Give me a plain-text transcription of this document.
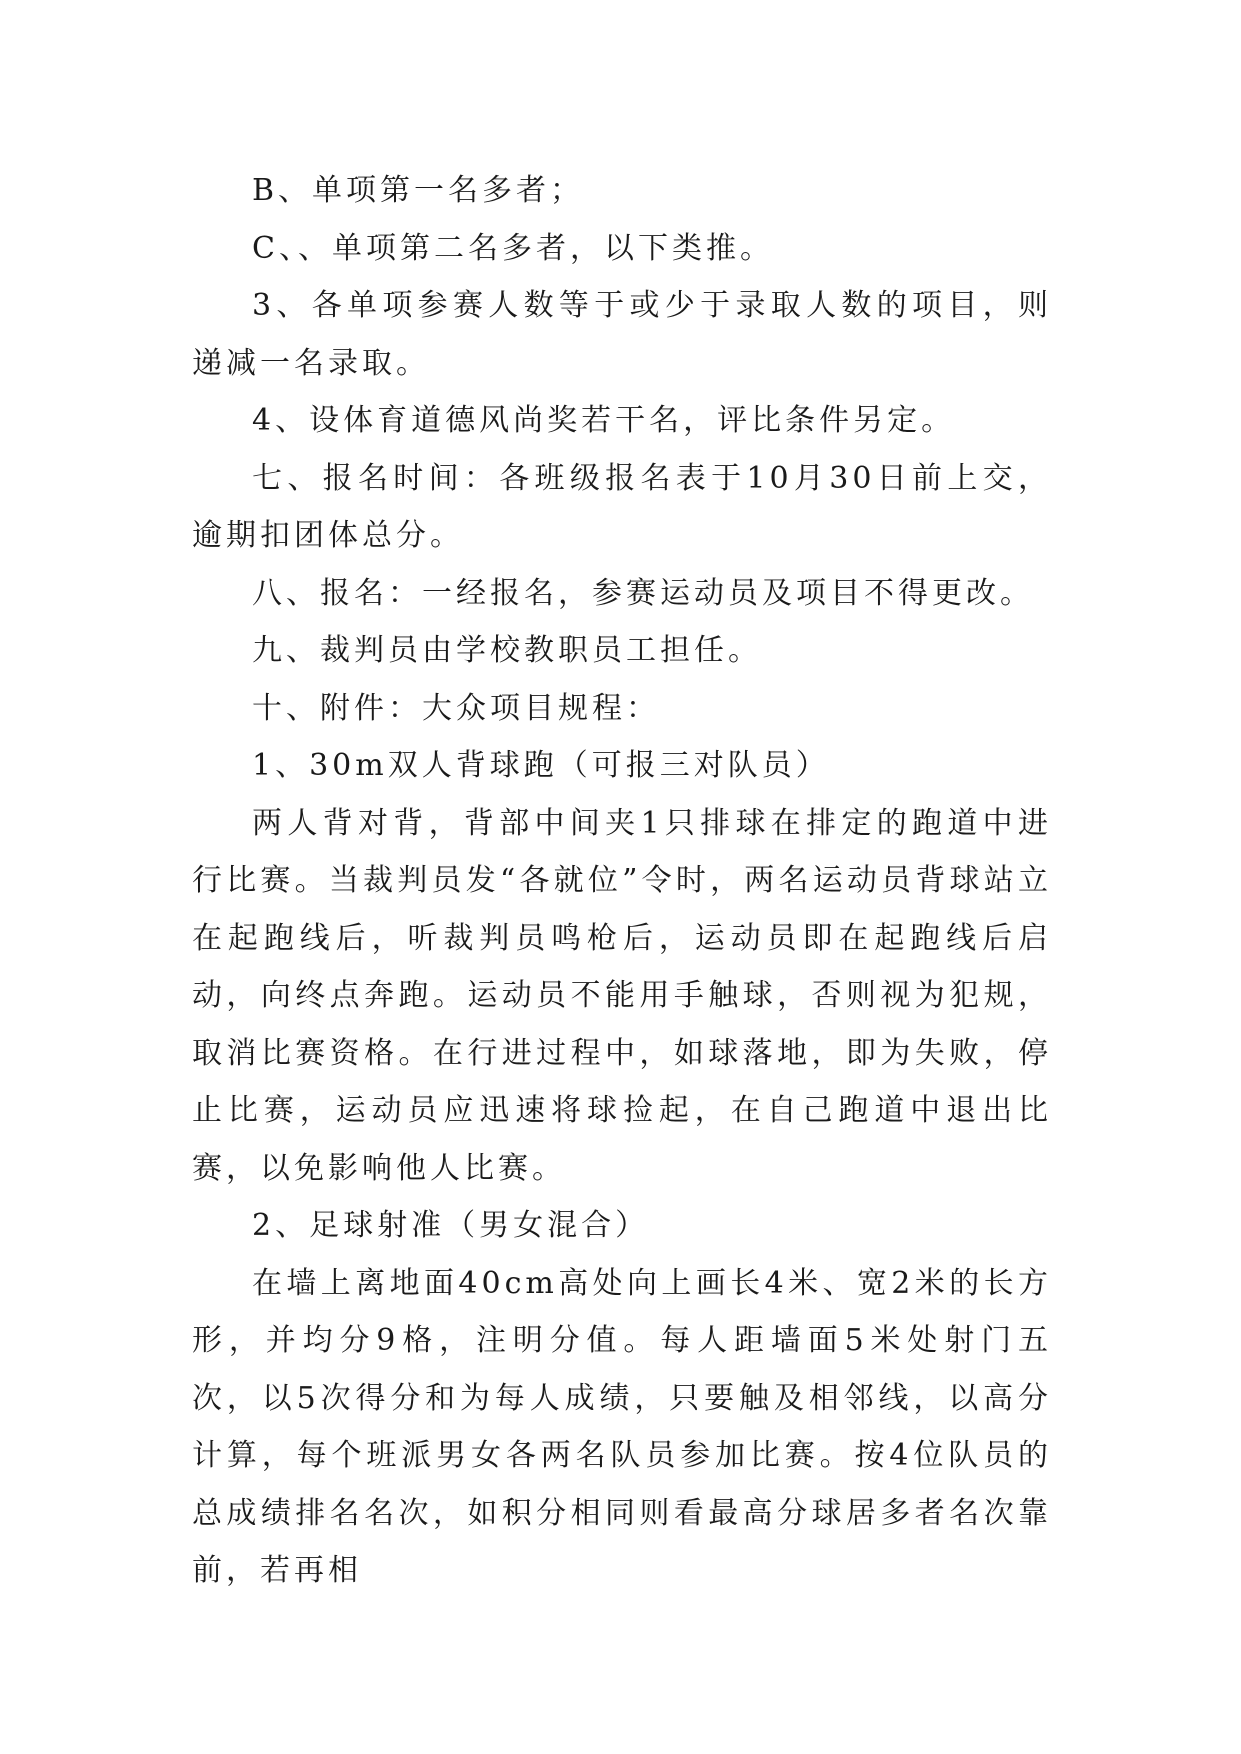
B、单项第一名多者；

C、、单项第二名多者，以下类推。

3、各单项参赛人数等于或少于录取人数的项目，则递减一名录取。

4、设体育道德风尚奖若干名，评比条件另定。

七、报名时间：各班级报名表于10月30日前上交，逾期扣团体总分。

八、报名：一经报名，参赛运动员及项目不得更改。

九、裁判员由学校教职员工担任。

十、附件：大众项目规程：

1、30m双人背球跑（可报三对队员）

两人背对背，背部中间夹1只排球在排定的跑道中进行比赛。当裁判员发“各就位”令时，两名运动员背球站立在起跑线后，听裁判员鸣枪后，运动员即在起跑线后启动，向终点奔跑。运动员不能用手触球，否则视为犯规，取消比赛资格。在行进过程中，如球落地，即为失败，停止比赛，运动员应迅速将球捡起，在自己跑道中退出比赛，以免影响他人比赛。

2、足球射准（男女混合）

在墙上离地面40cm高处向上画长4米、宽2米的长方形，并均分9格，注明分值。每人距墙面5米处射门五次，以5次得分和为每人成绩，只要触及相邻线，以高分计算，每个班派男女各两名队员参加比赛。按4位队员的总成绩排名名次，如积分相同则看最高分球居多者名次靠前，若再相
